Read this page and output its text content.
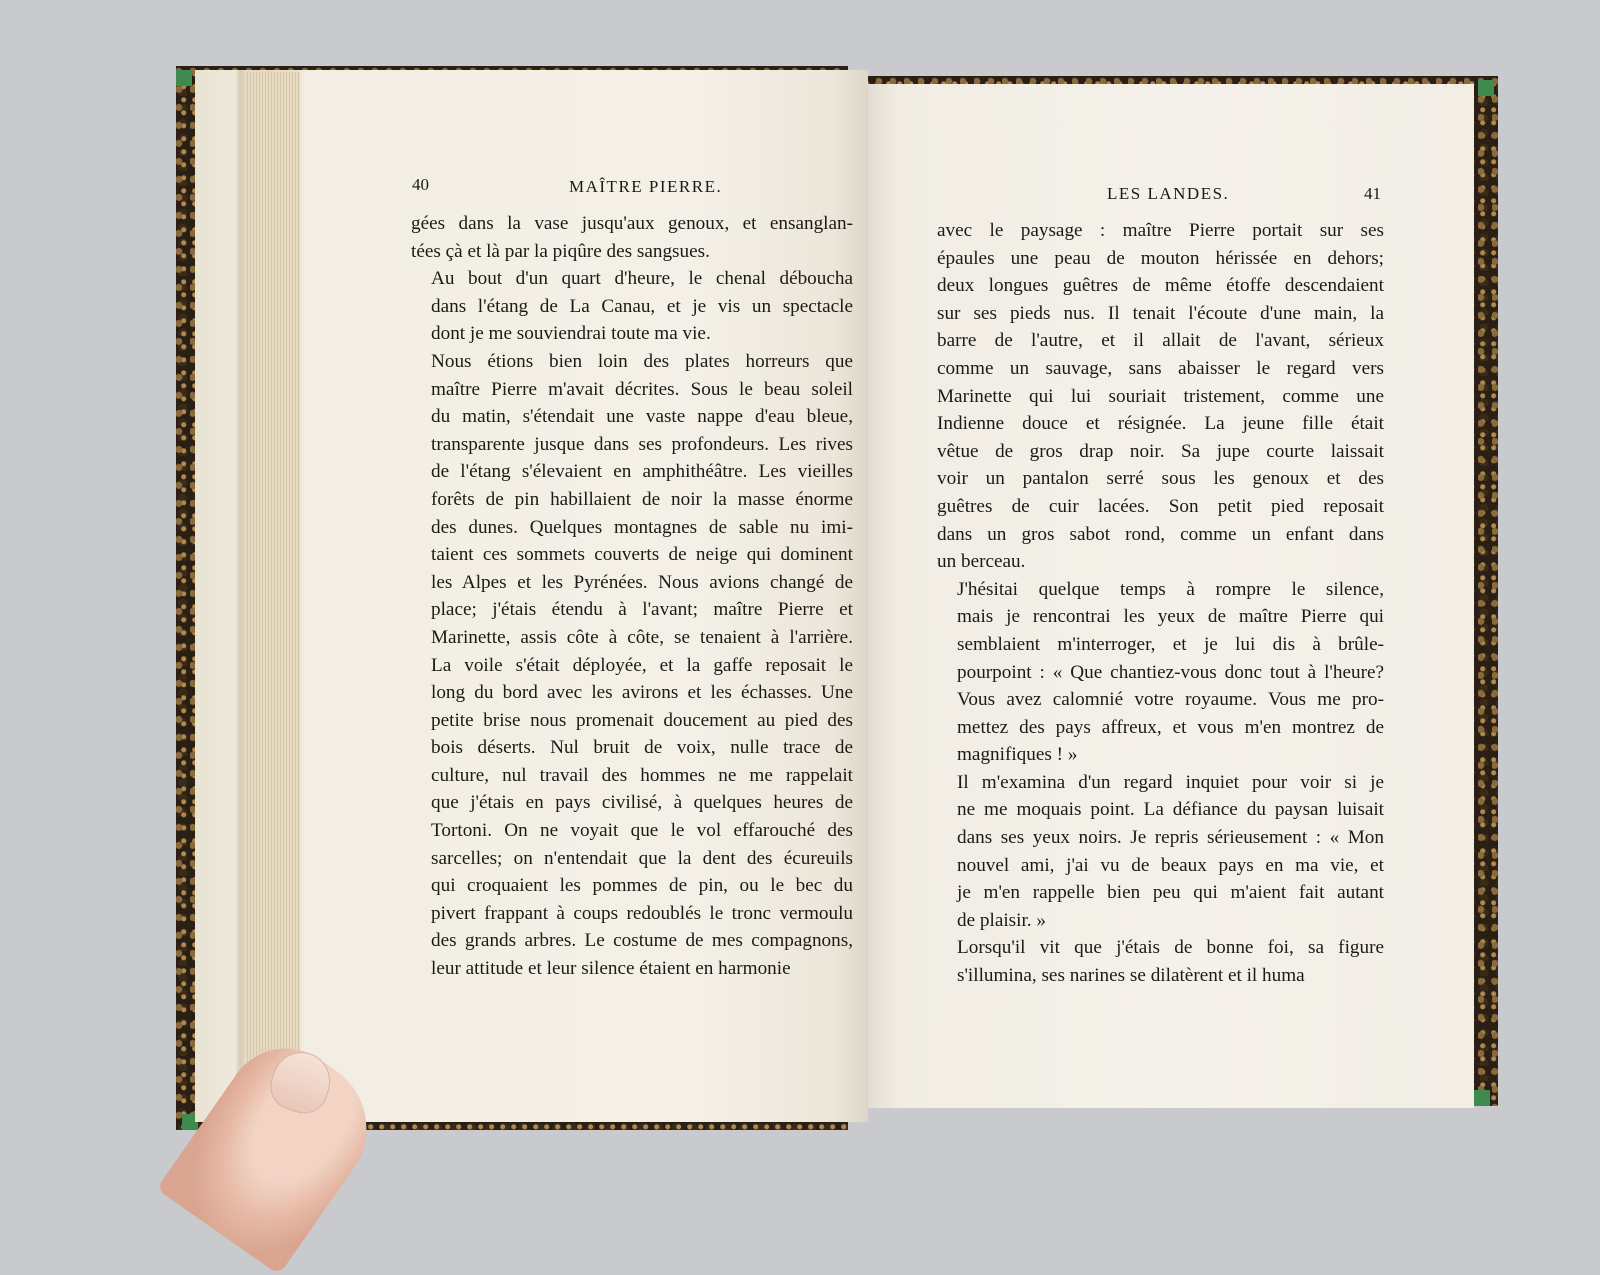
40	MAÎTRE PIERRE.

gées dans la vase jusqu'aux genoux, et ensanglan-
tées çà et là par la piqûre des sangsues.

Au bout d'un quart d'heure, le chenal déboucha
dans l'étang de La Canau, et je vis un spectacle
dont je me souviendrai toute ma vie.

Nous étions bien loin des plates horreurs que
maître Pierre m'avait décrites. Sous le beau soleil
du matin, s'étendait une vaste nappe d'eau bleue,
transparente jusque dans ses profondeurs. Les rives
de l'étang s'élevaient en amphithéâtre. Les vieilles
forêts de pin habillaient de noir la masse énorme
des dunes. Quelques montagnes de sable nu imi-
taient ces sommets couverts de neige qui dominent
les Alpes et les Pyrénées. Nous avions changé de
place; j'étais étendu à l'avant; maître Pierre et
Marinette, assis côte à côte, se tenaient à l'arrière.
La voile s'était déployée, et la gaffe reposait le
long du bord avec les avirons et les échasses. Une
petite brise nous promenait doucement au pied des
bois déserts. Nul bruit de voix, nulle trace de
culture, nul travail des hommes ne me rappelait
que j'étais en pays civilisé, à quelques heures de
Tortoni. On ne voyait que le vol effarouché des
sarcelles; on n'entendait que la dent des écureuils
qui croquaient les pommes de pin, ou le bec du
pivert frappant à coups redoublés le tronc vermoulu
des grands arbres. Le costume de mes compagnons,
leur attitude et leur silence étaient en harmonie

LES LANDES.	41

avec le paysage : maître Pierre portait sur ses
épaules une peau de mouton hérissée en dehors;
deux longues guêtres de même étoffe descendaient
sur ses pieds nus. Il tenait l'écoute d'une main, la
barre de l'autre, et il allait de l'avant, sérieux
comme un sauvage, sans abaisser le regard vers
Marinette qui lui souriait tristement, comme une
Indienne douce et résignée. La jeune fille était
vêtue de gros drap noir. Sa jupe courte laissait
voir un pantalon serré sous les genoux et des
guêtres de cuir lacées. Son petit pied reposait
dans un gros sabot rond, comme un enfant dans
un berceau.

J'hésitai quelque temps à rompre le silence,
mais je rencontrai les yeux de maître Pierre qui
semblaient m'interroger, et je lui dis à brûle-
pourpoint : « Que chantiez-vous donc tout à l'heure?
Vous avez calomnié votre royaume. Vous me pro-
mettez des pays affreux, et vous m'en montrez de
magnifiques ! »

Il m'examina d'un regard inquiet pour voir si je
ne me moquais point. La défiance du paysan luisait
dans ses yeux noirs. Je repris sérieusement : « Mon
nouvel ami, j'ai vu de beaux pays en ma vie, et
je m'en rappelle bien peu qui m'aient fait autant
de plaisir. »

Lorsqu'il vit que j'étais de bonne foi, sa figure
s'illumina, ses narines se dilatèrent et il huma
